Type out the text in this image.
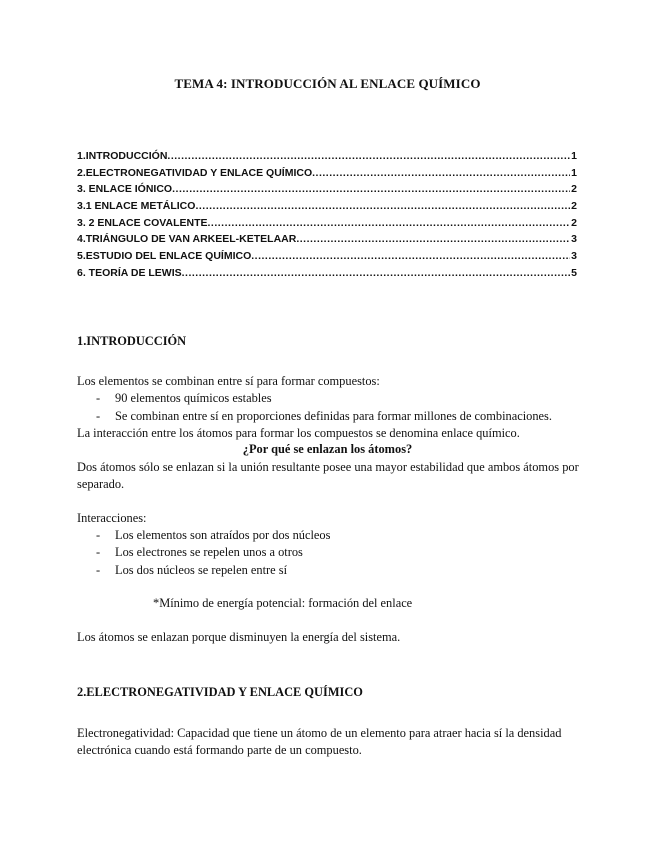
TEMA 4: INTRODUCCIÓN AL ENLACE QUÍMICO
1.INTRODUCCIÓN .....	1
2.ELECTRONEGATIVIDAD Y ENLACE QUÍMICO .....	1
3. ENLACE IÓNICO .....	2
3.1 ENLACE METÁLICO .....	2
3. 2 ENLACE COVALENTE .....	2
4.TRIÁNGULO DE VAN ARKEEL-KETELAAR .....	3
5.ESTUDIO DEL ENLACE QUÍMICO .....	3
6. TEORÍA DE LEWIS .....	5
1.INTRODUCCIÓN
Los elementos se combinan entre sí para formar compuestos:
- 90 elementos químicos estables
- Se combinan entre sí en proporciones definidas para formar millones de combinaciones.
La interacción entre los átomos para formar los compuestos se denomina enlace químico.
¿Por qué se enlazan los átomos?
Dos átomos sólo se enlazan si la unión resultante posee una mayor estabilidad que ambos átomos por separado.
Interacciones:
- Los elementos son atraídos por dos núcleos
- Los electrones se repelen unos a otros
- Los dos núcleos se repelen entre sí
*Mínimo de energía potencial: formación del enlace
Los átomos se enlazan porque disminuyen la energía del sistema.
2.ELECTRONEGATIVIDAD Y ENLACE QUÍMICO
Electronegatividad: Capacidad que tiene un átomo de un elemento para atraer hacia sí la densidad electrónica cuando está formando parte de un compuesto.
